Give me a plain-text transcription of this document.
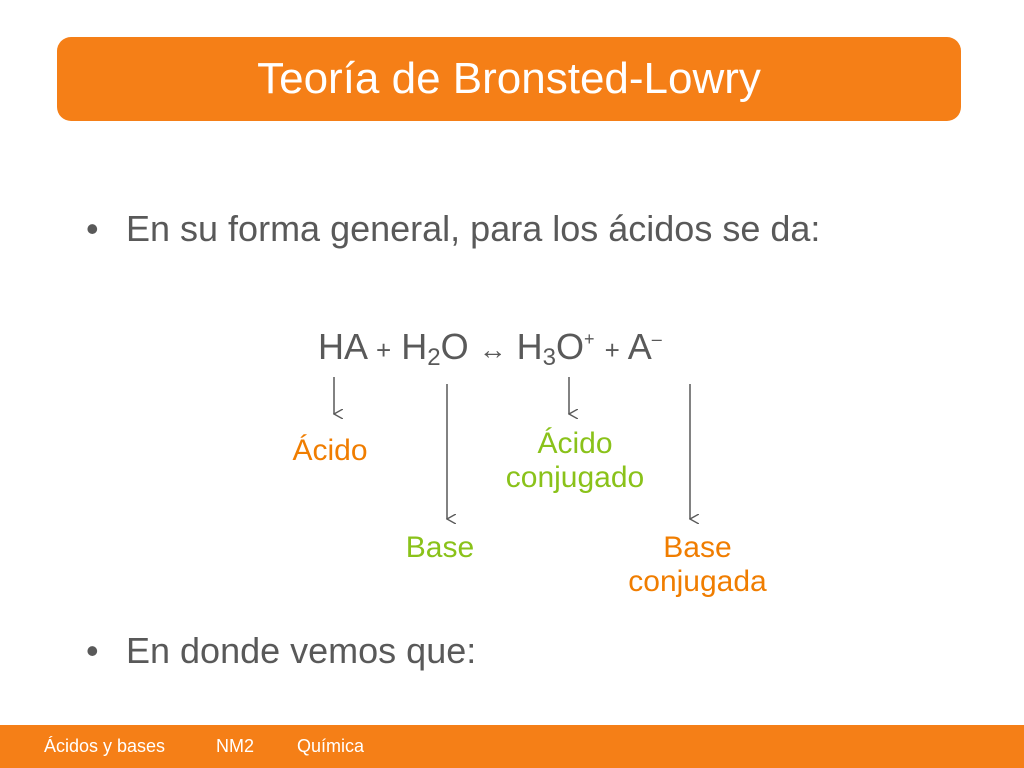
Teoría de Bronsted-Lowry
• En su forma general, para los ácidos se da:
HA + $H_2O$ ↔ $H_3O^+ + A^-$
Ácido	Ácido
conjugado
Base	Base
conjugada
• En donde vemos que:
Ácidos y bases	NM2 Química
